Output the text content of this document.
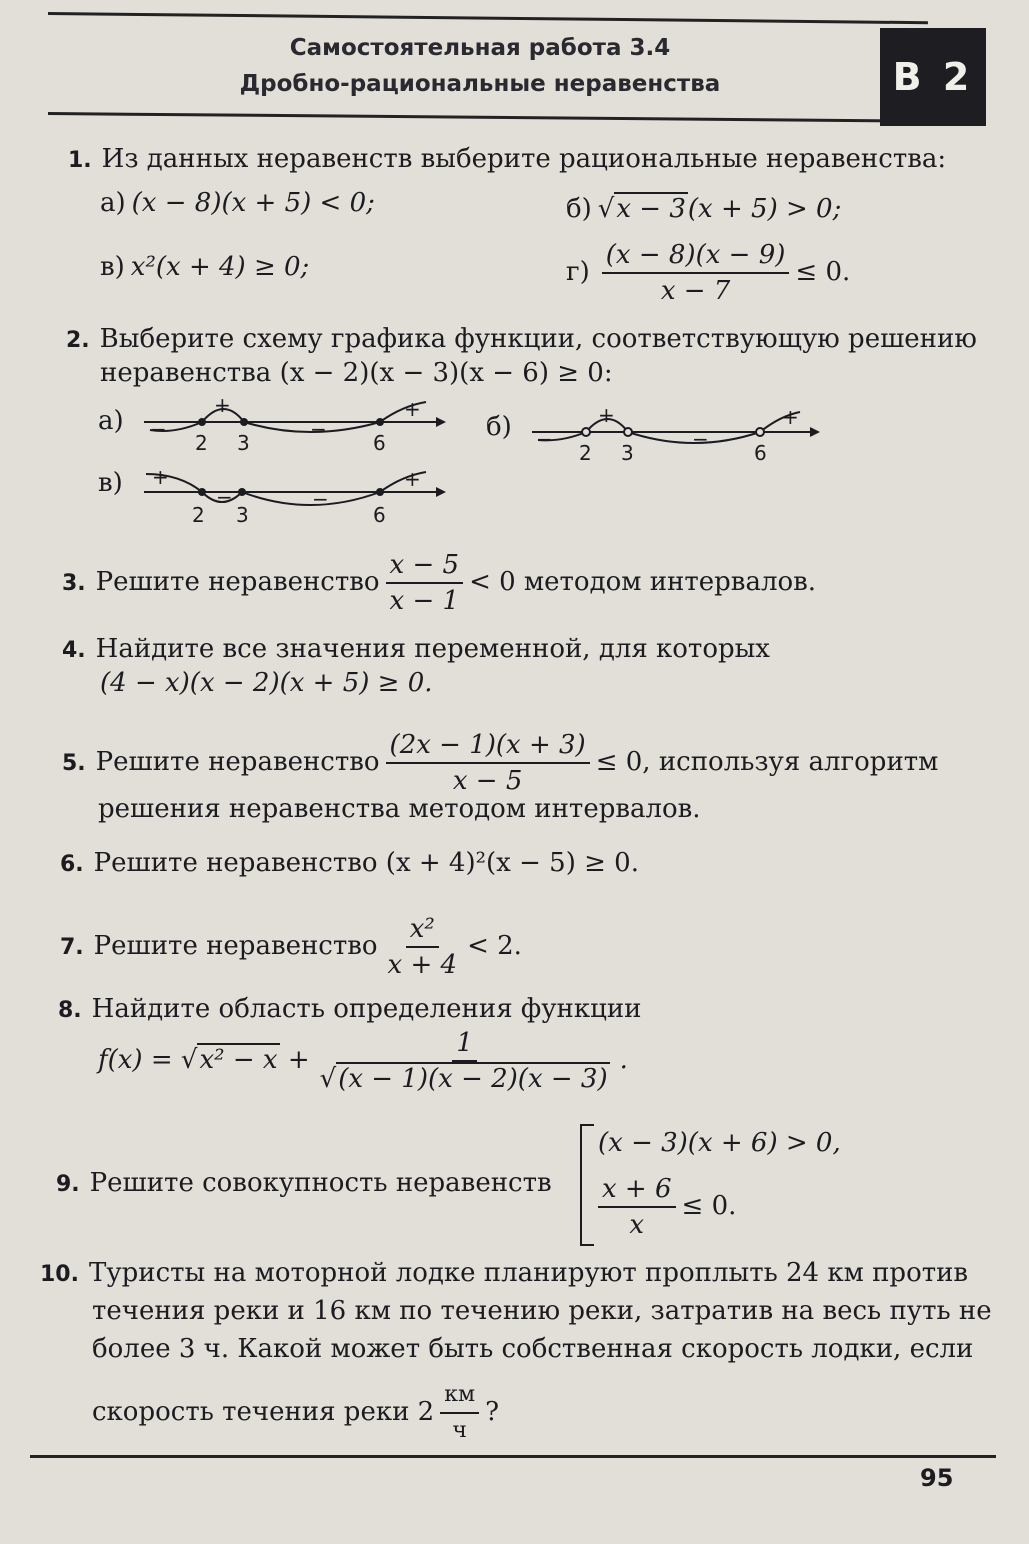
Самостоятельная работа 3.4
Дробно-рациональные неравенства	В 2
1. Из данных неравенств выберите рациональные неравенства:
а) (x − 8)(x + 5) < 0;	б) √x − 3(x + 5) > 0;
в) x²(x + 4) ≥ 0;	$г) \frac{(x - 8)(x - 9)}{x - 7} \le 0$.
2. Выберите схему графика функции, соответствующую решению
неравенства (x − 2)(x − 3)(x − 6) ≥ 0:
а)
2 3	6
+	+
−	−	б)
2 3	6
+	+
−	−
в)
2 3	6
+	+
−	−
3. Решите неравенство $\frac{x - 5}{x - 1} < 0$ методом интервалов.
4. Найдите все значения переменной, для которых
(4 − x)(x − 2)(x + 5) ≥ 0.
5. Решите неравенство $\frac{(2x - 1)(x + 3)}{x - 5} \le 0$, используя алгоритм
решения неравенства методом интервалов.
6. Решите неравенство (x + 4)²(x − 5) ≥ 0.
7. Решите неравенство $\frac{\text{x²}}{x + 4} < 2$.
8. Найдите область определения функции
$f(x) = √x^2 - x + \frac{1}{√(x - 1)(x - 2)(x - 3)}$ .
9. Решите совокупность неравенств
(x − 3)(x + 6) > 0,
$\frac{x + 6}{x} \le 0$.
10. Туристы на моторной лодке планируют проплыть 24 км против
течения реки и 16 км по течению реки, затратив на весь путь не
более 3 ч. Какой может быть собственная скорость лодки, если
скорость течения реки $2 \frac{км}{ч}$ ?
95
